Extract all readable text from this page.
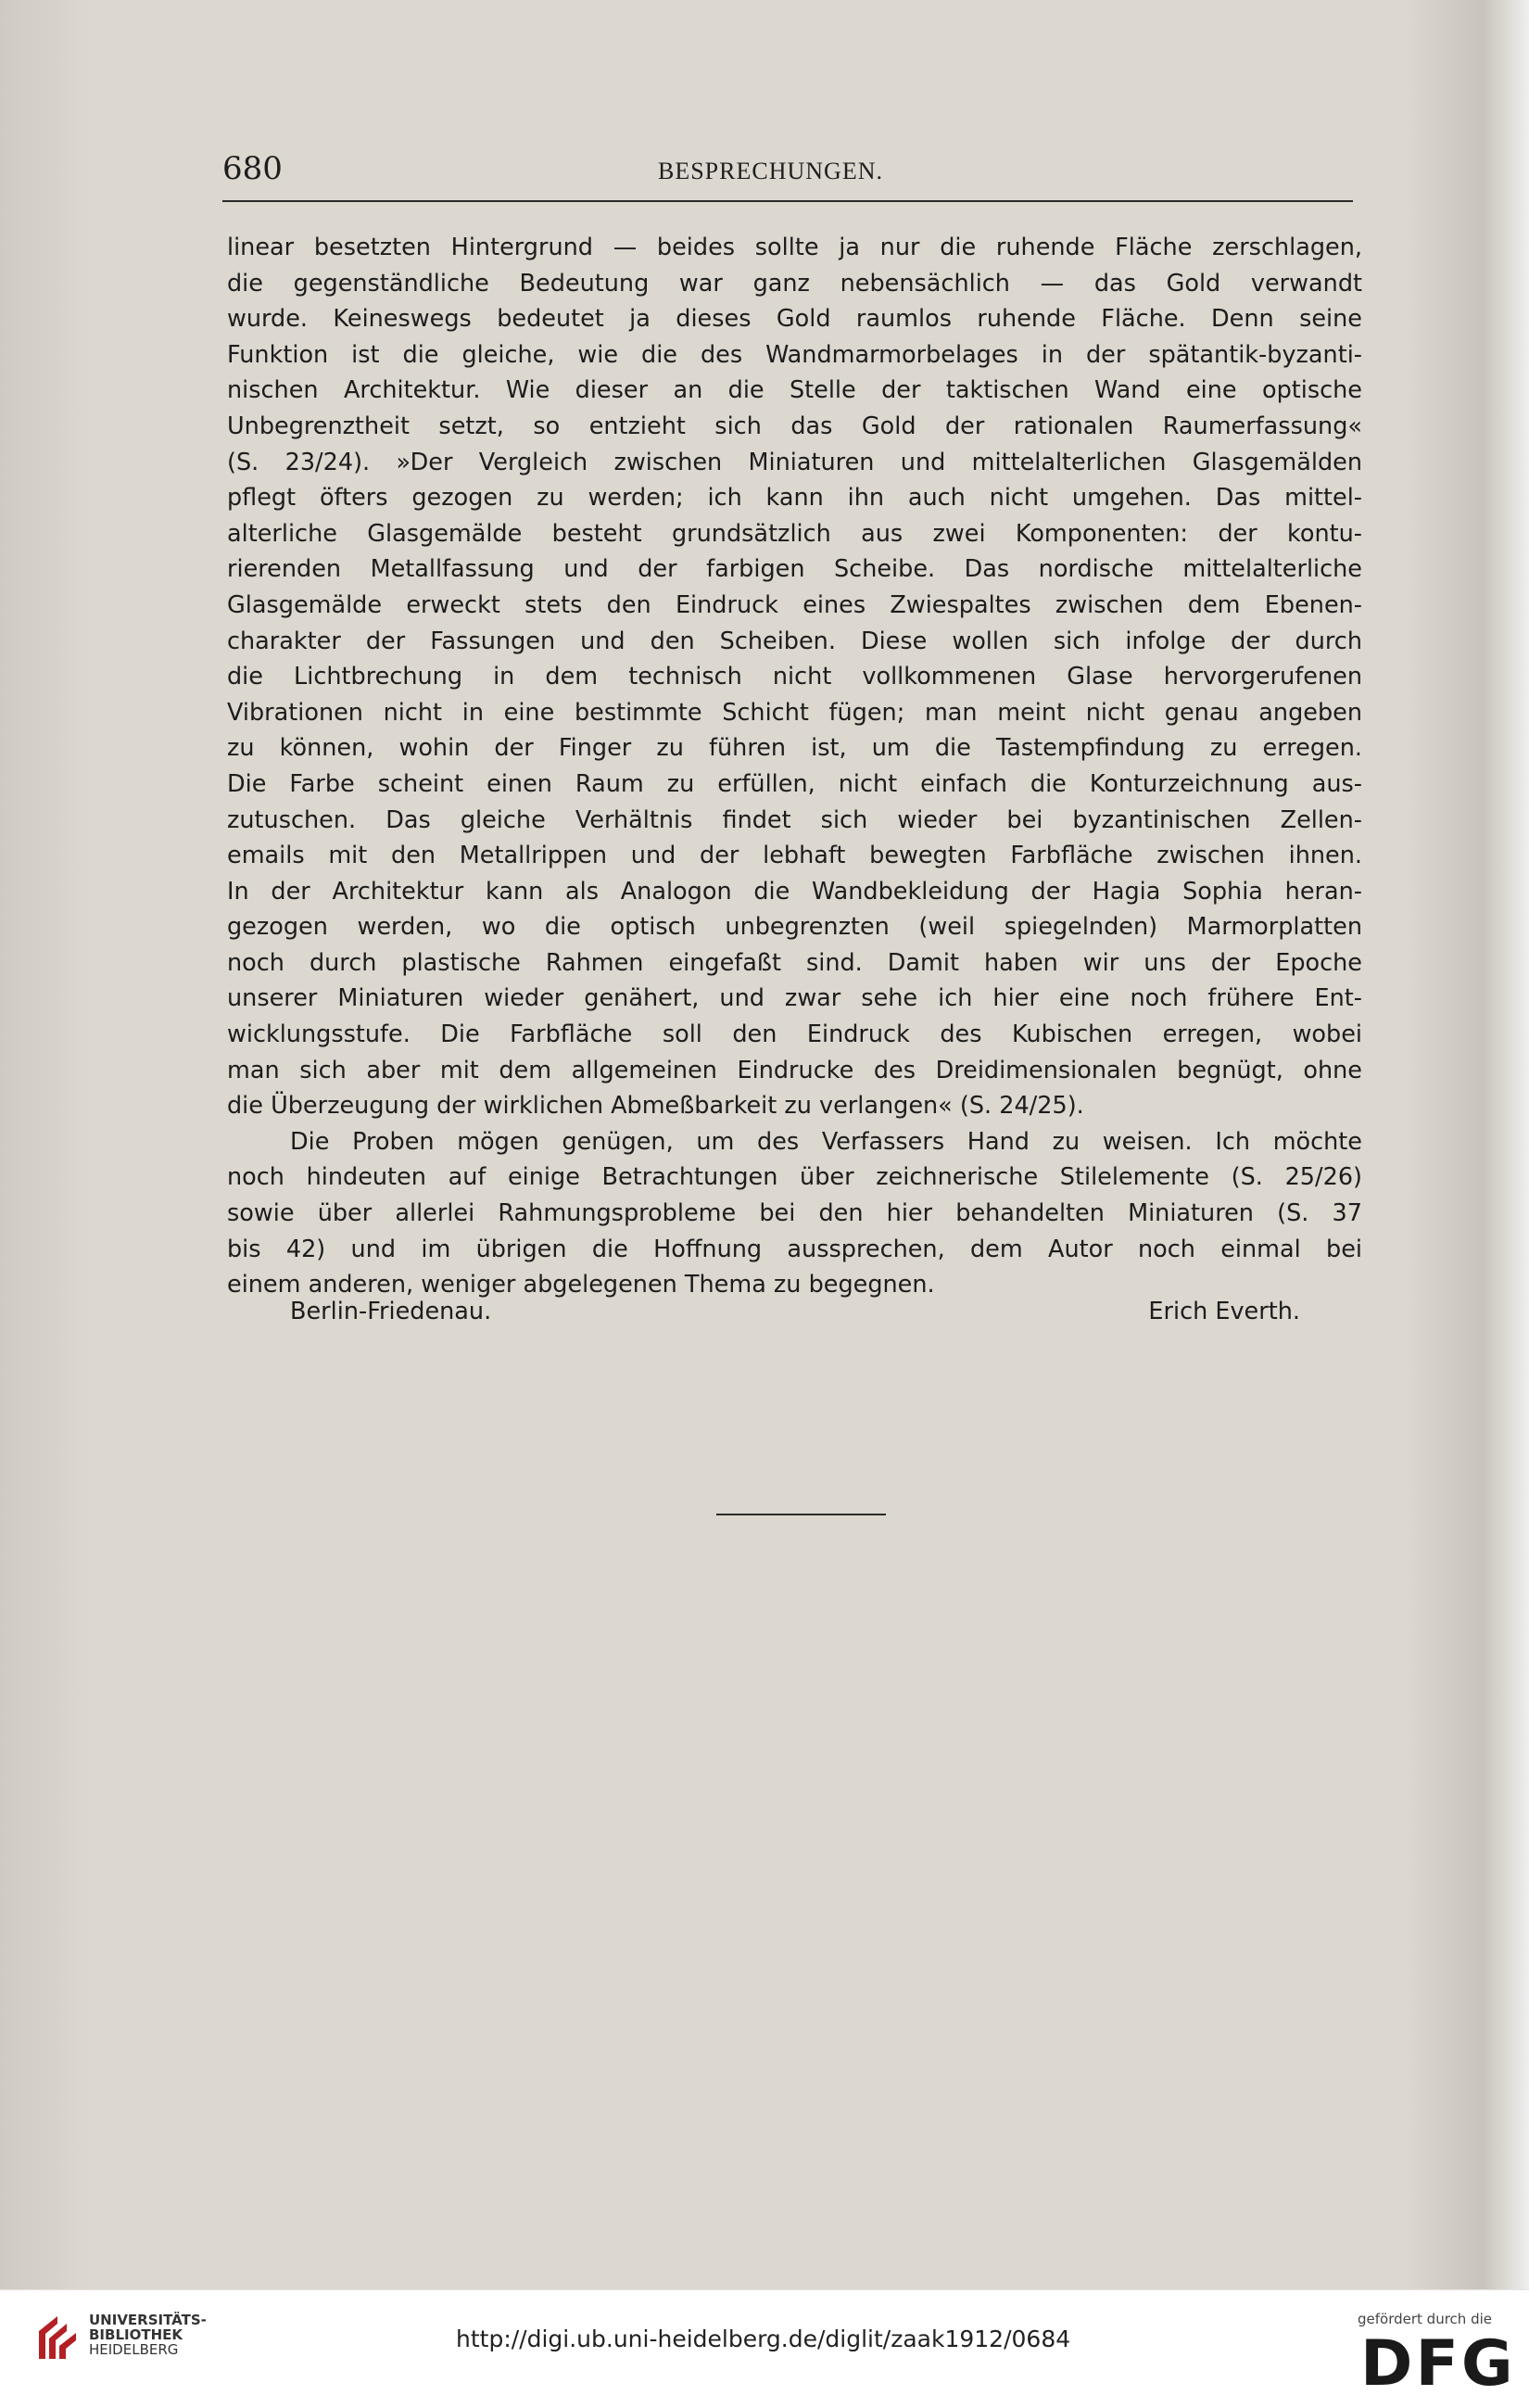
680	BESPRECHUNGEN.
linear besetzten Hintergrund — beides sollte ja nur die ruhende Fläche zerschlagen,
die gegenständliche Bedeutung war ganz nebensächlich — das Gold verwandt
wurde. Keineswegs bedeutet ja dieses Gold raumlos ruhende Fläche. Denn seine
Funktion ist die gleiche, wie die des Wandmarmorbelages in der spätantik-byzanti-
nischen Architektur. Wie dieser an die Stelle der taktischen Wand eine optische
Unbegrenztheit setzt, so entzieht sich das Gold der rationalen Raumerfassung«
(S. 23/24). »Der Vergleich zwischen Miniaturen und mittelalterlichen Glasgemälden
pflegt öfters gezogen zu werden; ich kann ihn auch nicht umgehen. Das mittel-
alterliche Glasgemälde besteht grundsätzlich aus zwei Komponenten: der kontu-
rierenden Metallfassung und der farbigen Scheibe. Das nordische mittelalterliche
Glasgemälde erweckt stets den Eindruck eines Zwiespaltes zwischen dem Ebenen-
charakter der Fassungen und den Scheiben. Diese wollen sich infolge der durch
die Lichtbrechung in dem technisch nicht vollkommenen Glase hervorgerufenen
Vibrationen nicht in eine bestimmte Schicht fügen; man meint nicht genau angeben
zu können, wohin der Finger zu führen ist, um die Tastempfindung zu erregen.
Die Farbe scheint einen Raum zu erfüllen, nicht einfach die Konturzeichnung aus-
zutuschen. Das gleiche Verhältnis findet sich wieder bei byzantinischen Zellen-
emails mit den Metallrippen und der lebhaft bewegten Farbfläche zwischen ihnen.
In der Architektur kann als Analogon die Wandbekleidung der Hagia Sophia heran-
gezogen werden, wo die optisch unbegrenzten (weil spiegelnden) Marmorplatten
noch durch plastische Rahmen eingefaßt sind. Damit haben wir uns der Epoche
unserer Miniaturen wieder genähert, und zwar sehe ich hier eine noch frühere Ent-
wicklungsstufe. Die Farbfläche soll den Eindruck des Kubischen erregen, wobei
man sich aber mit dem allgemeinen Eindrucke des Dreidimensionalen begnügt, ohne
die Überzeugung der wirklichen Abmeßbarkeit zu verlangen« (S. 24/25).
Die Proben mögen genügen, um des Verfassers Hand zu weisen. Ich möchte
noch hindeuten auf einige Betrachtungen über zeichnerische Stilelemente (S. 25/26)
sowie über allerlei Rahmungsprobleme bei den hier behandelten Miniaturen (S. 37
bis 42) und im übrigen die Hoffnung aussprechen, dem Autor noch einmal bei
einem anderen, weniger abgelegenen Thema zu begegnen.
Berlin-Friedenau.	Erich Everth.
UNIVERSITÄTS-
BIBLIOTHEK
HEIDELBERG	http://digi.ub.uni-heidelberg.de/diglit/zaak1912/0684
gefördert durch die
DFG
